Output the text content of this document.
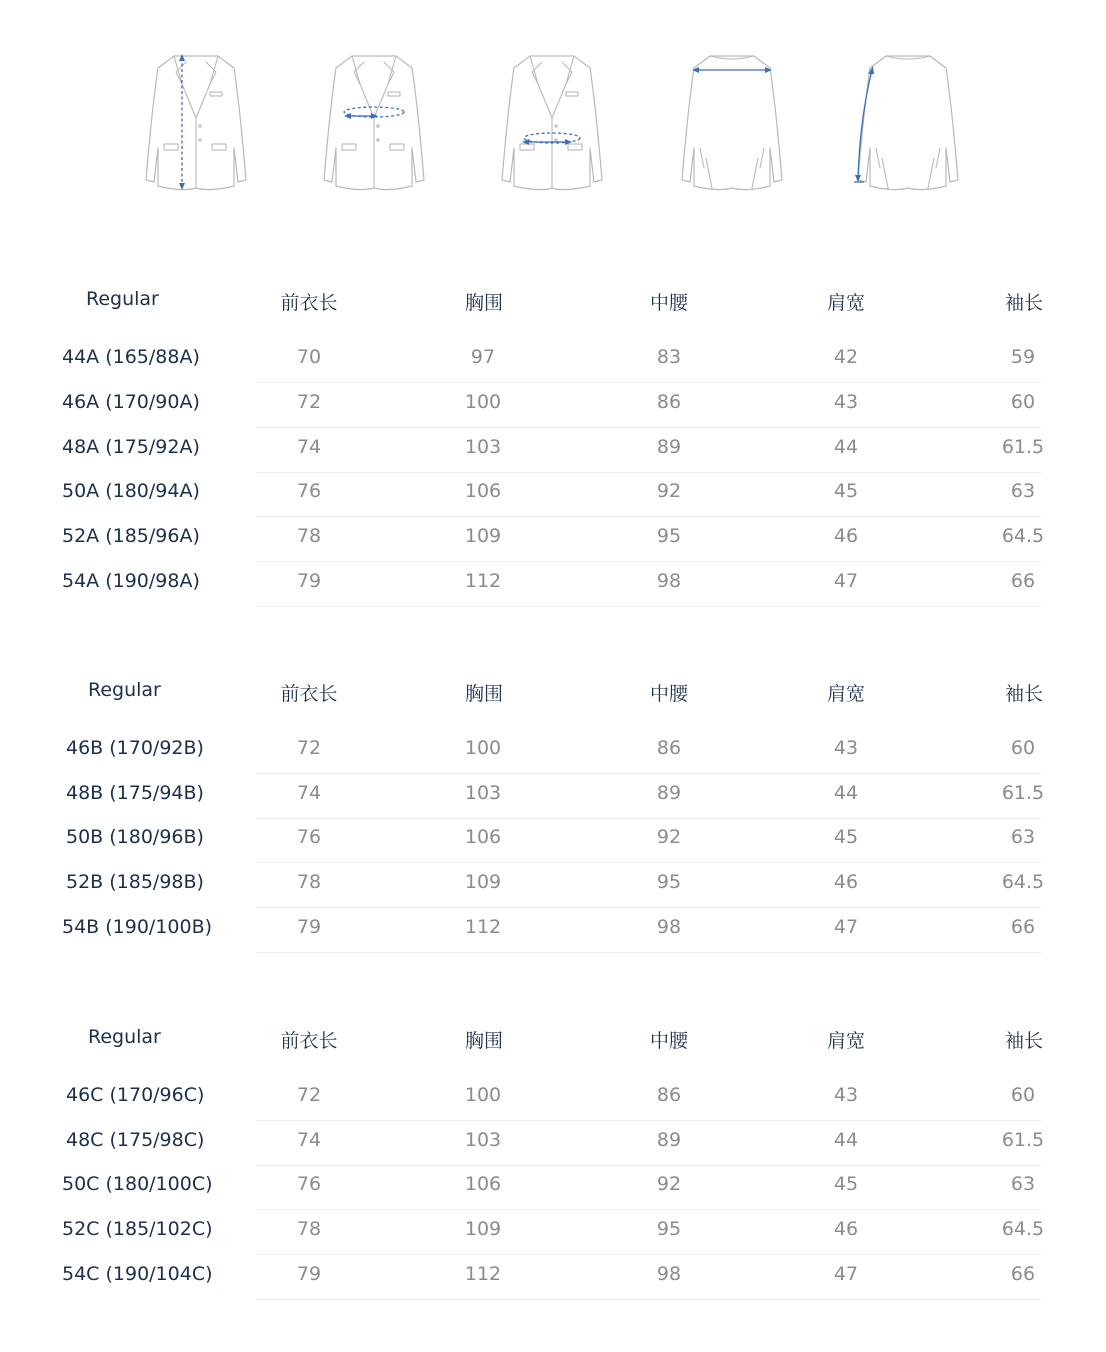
Regular	前衣长	胸围	中腰	肩宽	袖长
44A (165/88A)	70	97	83	42	59
46A (170/90A)	72	100	86	43	60
48A (175/92A)	74	103	89	44	61.5
50A (180/94A)	76	106	92	45	63
52A (185/96A)	78	109	95	46	64.5
54A (190/98A)	79	112	98	47	66
Regular	前衣长	胸围	中腰	肩宽	袖长
46B (170/92B)	72	100	86	43	60
48B (175/94B)	74	103	89	44	61.5
50B (180/96B)	76	106	92	45	63
52B (185/98B)	78	109	95	46	64.5
54B (190/100B)	79	112	98	47	66
Regular	前衣长	胸围	中腰	肩宽	袖长
46C (170/96C)	72	100	86	43	60
48C (175/98C)	74	103	89	44	61.5
50C (180/100C)	76	106	92	45	63
52C (185/102C)	78	109	95	46	64.5
54C (190/104C)	79	112	98	47	66
